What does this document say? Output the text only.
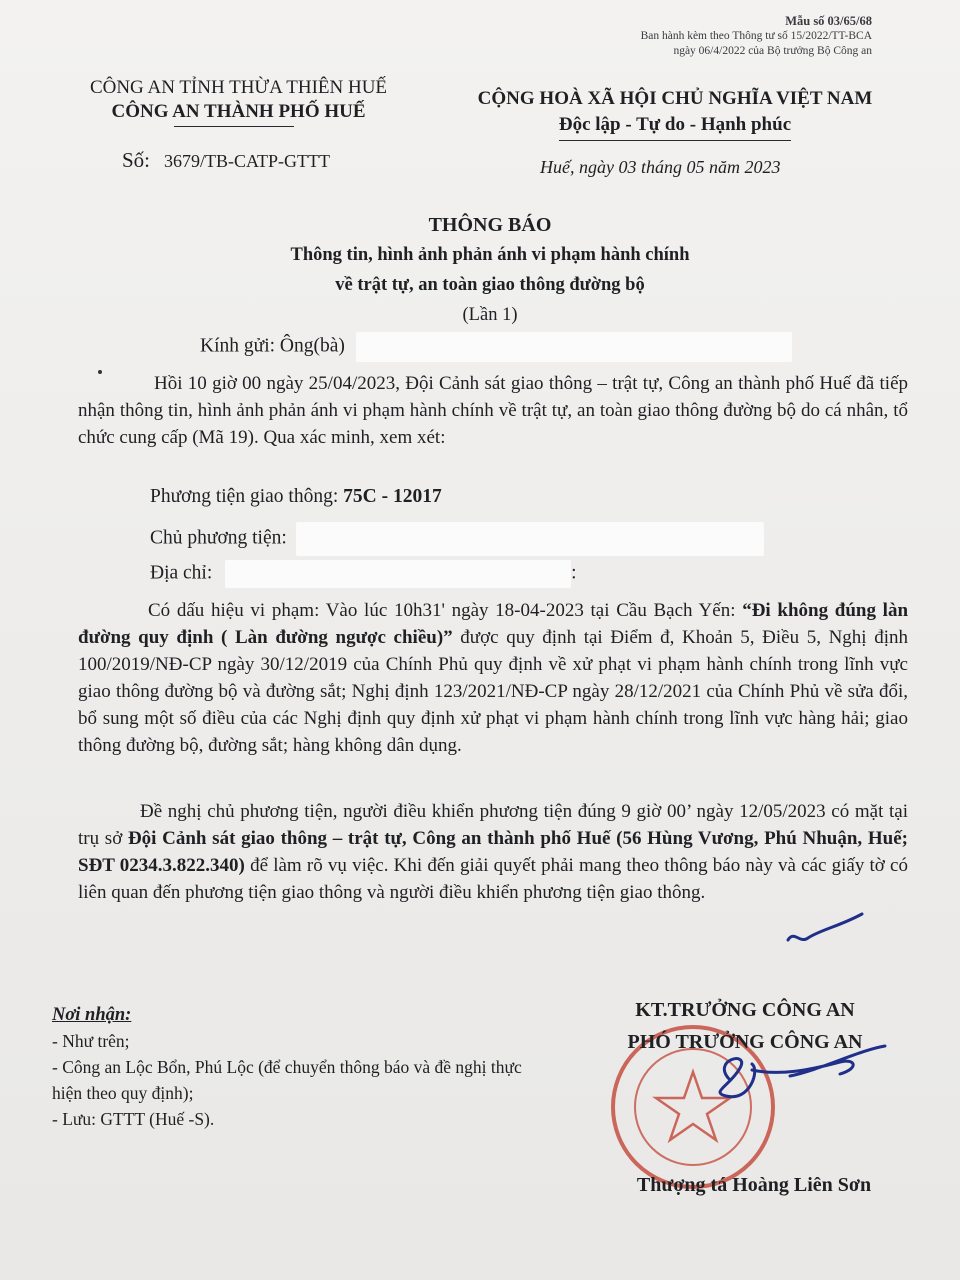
Mẫu số 03/65/68
Ban hành kèm theo Thông tư số 15/2022/TT-BCA
ngày 06/4/2022 của Bộ trưởng Bộ Công an
CÔNG AN TỈNH THỪA THIÊN HUẾ
CÔNG AN THÀNH PHỐ HUẾ
CỘNG HOÀ XÃ HỘI CHỦ NGHĨA VIỆT NAM
Độc lập - Tự do - Hạnh phúc
Số: 3679/TB-CATP-GTTT	Huế, ngày 03 tháng 05 năm 2023
THÔNG BÁO
Thông tin, hình ảnh phản ánh vi phạm hành chính
về trật tự, an toàn giao thông đường bộ
(Lần 1)
Kính gửi: Ông(bà)
Hồi 10 giờ 00 ngày 25/04/2023, Đội Cảnh sát giao thông – trật tự, Công an thành phố Huế đã tiếp nhận thông tin, hình ảnh phản ánh vi phạm hành chính về trật tự, an toàn giao thông đường bộ do cá nhân, tổ chức cung cấp (Mã 19). Qua xác minh, xem xét:
Phương tiện giao thông: 75C - 12017
Chủ phương tiện:
Địa chỉ:	:
Có dấu hiệu vi phạm: Vào lúc 10h31' ngày 18-04-2023 tại Cầu Bạch Yến: “Đi không đúng làn đường quy định ( Làn đường ngược chiều)” được quy định tại Điểm đ, Khoản 5, Điều 5, Nghị định 100/2019/NĐ-CP ngày 30/12/2019 của Chính Phủ quy định về xử phạt vi phạm hành chính trong lĩnh vực giao thông đường bộ và đường sắt; Nghị định 123/2021/NĐ-CP ngày 28/12/2021 của Chính Phủ về sửa đổi, bổ sung một số điều của các Nghị định quy định xử phạt vi phạm hành chính trong lĩnh vực hàng hải; giao thông đường bộ, đường sắt; hàng không dân dụng.
Đề nghị chủ phương tiện, người điều khiển phương tiện đúng 9 giờ 00’ ngày 12/05/2023 có mặt tại trụ sở Đội Cảnh sát giao thông – trật tự, Công an thành phố Huế (56 Hùng Vương, Phú Nhuận, Huế; SĐT 0234.3.822.340) để làm rõ vụ việc. Khi đến giải quyết phải mang theo thông báo này và các giấy tờ có liên quan đến phương tiện giao thông và người điều khiển phương tiện giao thông.
Nơi nhận:
- Như trên;
- Công an Lộc Bổn, Phú Lộc (để chuyển thông báo và đề nghị thực hiện theo quy định);
- Lưu: GTTT (Huế -S).
KT.TRƯỞNG CÔNG AN
PHÓ TRƯỞNG CÔNG AN
Thượng tá Hoàng Liên Sơn
